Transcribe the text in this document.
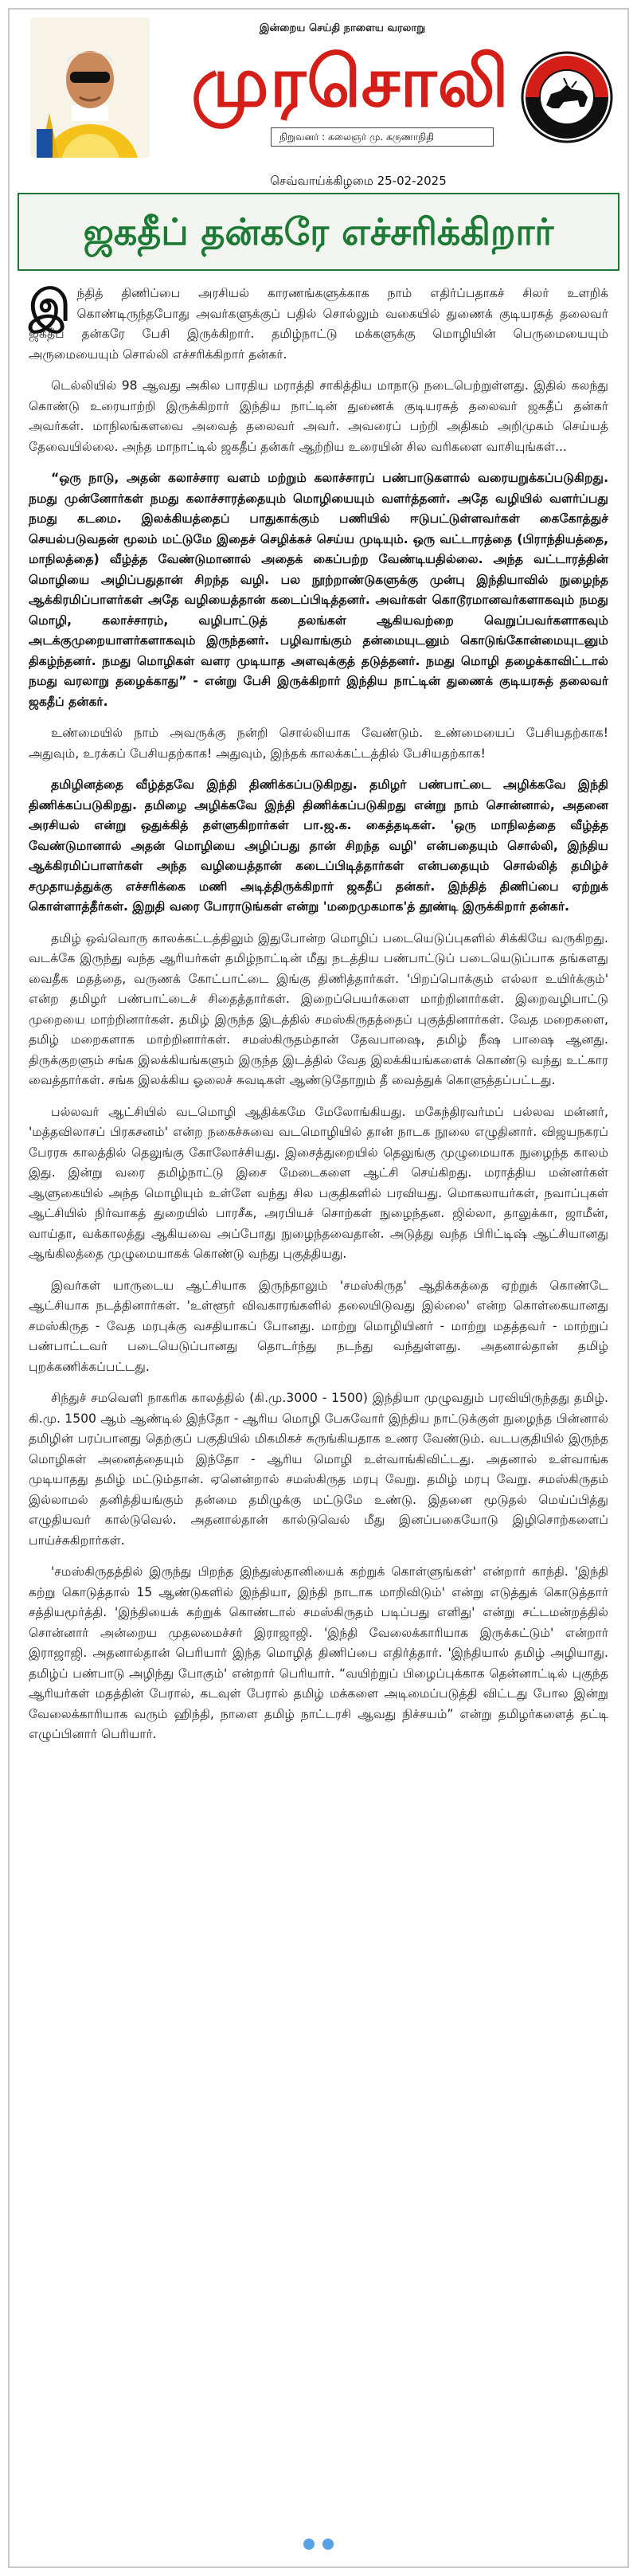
இன்றைய செய்தி நாளைய வரலாறு
முரசொலி
நிறுவனர் : கலைஞர் மு. கருணாநிதி
செவ்வாய்க்கிழமை 25-02-2025
ஜகதீப் தன்கரே எச்சரிக்கிறார்

இந்தித் திணிப்பை அரசியல் காரணங்களுக்காக நாம் எதிர்ப்பதாகச் சிலர் உளறிக் கொண்டிருந்தபோது அவர்களுக்குப் பதில் சொல்லும் வகையில் துணைக் குடியரசுத் தலைவர் ஜகதீப் தன்கரே பேசி இருக்கிறார். தமிழ்நாட்டு மக்களுக்கு மொழியின் பெருமையையும் அருமையையும் சொல்லி எச்சரிக்கிறார் தன்கர்.

டெல்லியில் 98 ஆவது அகில பாரதிய மராத்தி சாகித்திய மாநாடு நடைபெற்றுள்ளது. இதில் கலந்து கொண்டு உரையாற்றி இருக்கிறார் இந்திய நாட்டின் துணைக் குடியரசுத் தலைவர் ஜகதீப் தன்கர் அவர்கள். மாநிலங்களவை அவைத் தலைவர் அவர். அவரைப் பற்றி அதிகம் அறிமுகம் செய்யத் தேவையில்லை. அந்த மாநாட்டில் ஜகதீப் தன்கர் ஆற்றிய உரையின் சில வரிகளை வாசியுங்கள்...

“ஒரு நாடு, அதன் கலாச்சார வளம் மற்றும் கலாச்சாரப் பண்பாடுகளால் வரையறுக்கப்படுகிறது. நமது முன்னோர்கள் நமது கலாச்சாரத்தையும் மொழியையும் வளர்த்தனர். அதே வழியில் வளர்ப்பது நமது கடமை. இலக்கியத்தைப் பாதுகாக்கும் பணியில் ஈடுபட்டுள்ளவர்கள் கைகோத்துச் செயல்படுவதன் மூலம் மட்டுமே இதைச் செழிக்கச் செய்ய முடியும். ஒரு வட்டாரத்தை (பிராந்தியத்தை, மாநிலத்தை) வீழ்த்த வேண்டுமானால் அதைக் கைப்பற்ற வேண்டியதில்லை. அந்த வட்டாரத்தின் மொழியை அழிப்பதுதான் சிறந்த வழி. பல நூற்றாண்டுகளுக்கு முன்பு இந்தியாவில் நுழைந்த ஆக்கிரமிப்பாளர்கள் அதே வழியைத்தான் கடைப்பிடித்தனர். அவர்கள் கொடூரமானவர்களாகவும் நமது மொழி, கலாச்சாரம், வழிபாட்டுத் தலங்கள் ஆகியவற்றை வெறுப்பவர்களாகவும் அடக்குமுறையாளர்களாகவும் இருந்தனர். பழிவாங்கும் தன்மையுடனும் கொடுங்கோன்மையுடனும் திகழ்ந்தனர். நமது மொழிகள் வளர முடியாத அளவுக்குத் தடுத்தனர். நமது மொழி தழைக்காவிட்டால் நமது வரலாறு தழைக்காது” - என்று பேசி இருக்கிறார் இந்திய நாட்டின் துணைக் குடியரசுத் தலைவர் ஜகதீப் தன்கர்.

உண்மையில் நாம் அவருக்கு நன்றி சொல்லியாக வேண்டும். உண்மையைப் பேசியதற்காக! அதுவும், உரக்கப் பேசியதற்காக! அதுவும், இந்தக் காலக்கட்டத்தில் பேசியதற்காக!

தமிழினத்தை வீழ்த்தவே இந்தி திணிக்கப்படுகிறது. தமிழர் பண்பாட்டை அழிக்கவே இந்தி திணிக்கப்படுகிறது. தமிழை அழிக்கவே இந்தி திணிக்கப்படுகிறது என்று நாம் சொன்னால், அதனை அரசியல் என்று ஒதுக்கித் தள்ளுகிறார்கள் பா.ஜ.க. கைத்தடிகள். 'ஒரு மாநிலத்தை வீழ்த்த வேண்டுமானால் அதன் மொழியை அழிப்பது தான் சிறந்த வழி' என்பதையும் சொல்லி, இந்திய ஆக்கிரமிப்பாளர்கள் அந்த வழியைத்தான் கடைப்பிடித்தார்கள் என்பதையும் சொல்லித் தமிழ்ச் சமுதாயத்துக்கு எச்சரிக்கை மணி அடித்திருக்கிறார் ஜகதீப் தன்கர். இந்தித் திணிப்பை ஏற்றுக் கொள்ளாத்தீர்கள். இறுதி வரை போராடுங்கள் என்று 'மறைமுகமாக'த் தூண்டி இருக்கிறார் தன்கர்.

தமிழ் ஒவ்வொரு காலக்கட்டத்திலும் இதுபோன்ற மொழிப் படையெடுப்புகளில் சிக்கியே வருகிறது. வடக்கே இருந்து வந்த ஆரியர்கள் தமிழ்நாட்டின் மீது நடத்திய பண்பாட்டுப் படையெடுப்பாக தங்களது வைதீக மதத்தை, வருணக் கோட்பாட்டை இங்கு திணித்தார்கள். 'பிறப்பொக்கும் எல்லா உயிர்க்கும்' என்ற தமிழர் பண்பாட்டைச் சிதைத்தார்கள். இறைப்பெயர்களை மாற்றினார்கள். இறைவழிபாட்டு முறையை மாற்றினார்கள். தமிழ் இருந்த இடத்தில் சமஸ்கிருதத்தைப் புகுத்தினார்கள். வேத மறைகளை, தமிழ் மறைகளாக மாற்றினார்கள். சமஸ்கிருதம்தான் தேவபாஷை, தமிழ் நீஷ பாஷை ஆனது. திருக்குறளும் சங்க இலக்கியங்களும் இருந்த இடத்தில் வேத இலக்கியங்களைக் கொண்டு வந்து உட்கார வைத்தார்கள். சங்க இலக்கிய ஓலைச் சுவடிகள் ஆண்டுதோறும் தீ வைத்துக் கொளுத்தப்பட்டது.

பல்லவர் ஆட்சியில் வடமொழி ஆதிக்கமே மேலோங்கியது. மகேந்திரவர்மப் பல்லவ மன்னர், 'மத்தவிலாசப் பிரகசனம்' என்ற நகைச்சுவை வடமொழியில் தான் நாடக நூலை எழுதினார். விஜயநகரப் பேரரசு காலத்தில் தெலுங்கு கோலோச்சியது. இசைத்துறையில் தெலுங்கு முழுமையாக நுழைந்த காலம் இது. இன்று வரை தமிழ்நாட்டு இசை மேடைகளை ஆட்சி செய்கிறது. மராத்திய மன்னர்கள் ஆளுகையில் அந்த மொழியும் உள்ளே வந்து சில பகுதிகளில் பரவியது. மொகலாயர்கள், நவாப்புகள் ஆட்சியில் நிர்வாகத் துறையில் பாரசீக, அரபியச் சொற்கள் நுழைந்தன. ஜில்லா, தாலுக்கா, ஜாமீன், வாய்தா, வக்காலத்து ஆகியவை அப்போது நுழைந்தவைதான். அடுத்து வந்த பிரிட்டிஷ் ஆட்சியானது ஆங்கிலத்தை முழுமையாகக் கொண்டு வந்து புகுத்தியது.

இவர்கள் யாருடைய ஆட்சியாக இருந்தாலும் 'சமஸ்கிருத' ஆதிக்கத்தை ஏற்றுக் கொண்டே ஆட்சியாக நடத்தினார்கள். 'உள்ளூர் விவகாரங்களில் தலையிடுவது இல்லை' என்ற கொள்கையானது சமஸ்கிருத - வேத மரபுக்கு வசதியாகப் போனது. மாற்று மொழியினர் - மாற்று மதத்தவர் - மாற்றுப் பண்பாட்டவர் படையெடுப்பானது தொடர்ந்து நடந்து வந்துள்ளது. அதனால்தான் தமிழ் புறக்கணிக்கப்பட்டது.

சிந்துச் சமவெளி நாகரிக காலத்தில் (கி.மு.3000 - 1500) இந்தியா முழுவதும் பரவியிருந்தது தமிழ். கி.மு. 1500 ஆம் ஆண்டில் இந்தோ - ஆரிய மொழி பேசுவோர் இந்திய நாட்டுக்குள் நுழைந்த பின்னால் தமிழின் பரப்பானது தெற்குப் பகுதியில் மிகமிகச் சுருங்கியதாக உணர வேண்டும். வடபகுதியில் இருந்த மொழிகள் அனைத்தையும் இந்தோ - ஆரிய மொழி உள்வாங்கிவிட்டது. அதனால் உள்வாங்க முடியாதது தமிழ் மட்டும்தான். ஏனென்றால் சமஸ்கிருத மரபு வேறு. தமிழ் மரபு வேறு. சமஸ்கிருதம் இல்லாமல் தனித்தியங்கும் தன்மை தமிழுக்கு மட்டுமே உண்டு. இதனை மூடுதல் மெய்ப்பித்து எழுதியவர் கால்டுவெல். அதனால்தான் கால்டுவெல் மீது இனப்பகையோடு இழிசொற்களைப் பாய்ச்சுகிறார்கள்.

'சமஸ்கிருதத்தில் இருந்து பிறந்த இந்துஸ்தானியைக் கற்றுக் கொள்ளுங்கள்' என்றார் காந்தி. 'இந்தி கற்று கொடுத்தால் 15 ஆண்டுகளில் இந்தியா, இந்தி நாடாக மாறிவிடும்' என்று எடுத்துக் கொடுத்தார் சத்தியமூர்த்தி. 'இந்தியைக் கற்றுக் கொண்டால் சமஸ்கிருதம் படிப்பது எளிது' என்று சட்டமன்றத்தில் சொன்னார் அன்றைய முதலமைச்சர் இராஜாஜி. 'இந்தி வேலைக்காரியாக இருக்கட்டும்' என்றார் இராஜாஜி. அதனால்தான் பெரியார் இந்த மொழித் திணிப்பை எதிர்த்தார். 'இந்தியால் தமிழ் அழியாது. தமிழ்ப் பண்பாடு அழிந்து போகும்' என்றார் பெரியார். “வயிற்றுப் பிழைப்புக்காக தென்னாட்டில் புகுந்த ஆரியர்கள் மதத்தின் பேரால், கடவுள் பேரால் தமிழ் மக்களை அடிமைப்படுத்தி விட்டது போல இன்று வேலைக்காரியாக வரும் ஹிந்தி, நாளை தமிழ் நாட்டரசி ஆவது நிச்சயம்” என்று தமிழர்களைத் தட்டி எழுப்பினார் பெரியார்.
